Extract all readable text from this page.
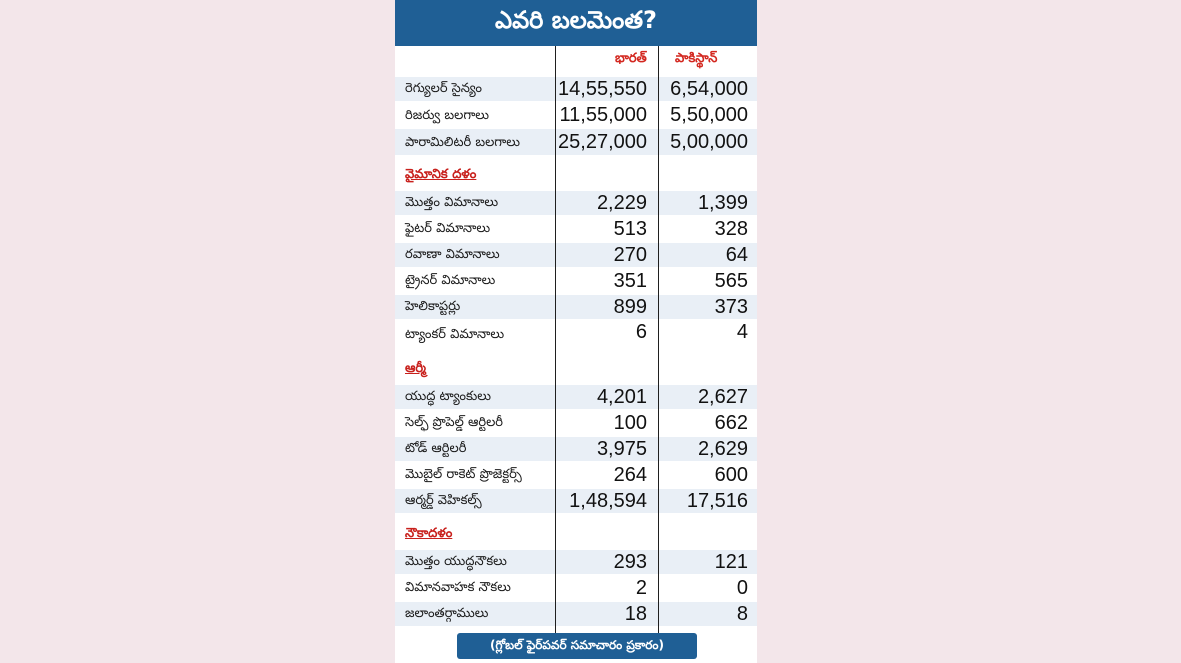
ఎవరి బలమెంత?
భారత్ పాకిస్థాన్
రెగ్యులర్ సైన్యం	14,55,550	6,54,000
రిజర్వు బలగాలు	11,55,000	5,50,000
పారామిలిటరీ బలగాలు 25,27,000	5,00,000
వైమానిక దళం
మొత్తం విమానాలు	2,229	1,399
ఫైటర్ విమానాలు	513	328
రవాణా విమానాలు	270	64
ట్రైనర్ విమానాలు	351	565
హెలికాప్టర్లు	899	373
ట్యాంకర్ విమానాలు	6	4
ఆర్మీ
యుద్ధ ట్యాంకులు	4,201	2,627
సెల్ఫ్ ప్రొపెల్డ్ ఆర్టిలరీ	100	662
టోడ్ ఆర్టిలరీ	3,975	2,629
మొబైల్ రాకెట్ ప్రొజెక్టర్స్	264	600
ఆర్మర్డ్ వెహికల్స్	1,48,594	17,516
నౌకాదళం
మొత్తం యుద్ధనౌకలు	293	121
విమానవాహక నౌకలు	2	0
జలాంతర్గాములు	18	8
(గ్లోబల్ ఫైర్‌పవర్ సమాచారం ప్రకారం)
